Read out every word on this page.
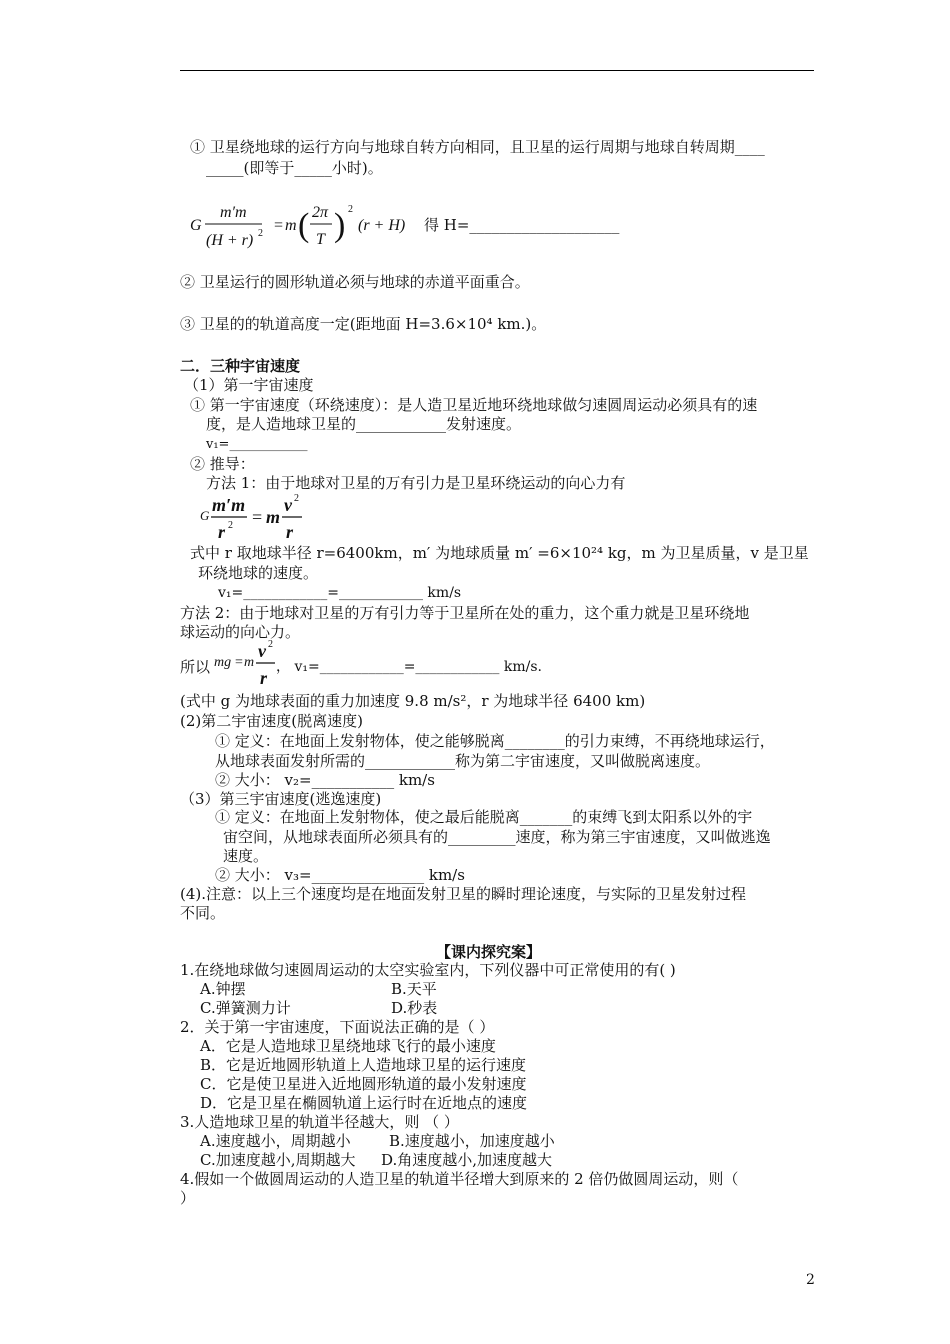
① 卫星绕地球的运行方向与地球自转方向相同，且卫星的运行周期与地球自转周期____
_____(即等于_____小时)。
G
m′m
(H + r) 2 = m ( 2π
T ) 2
(r + H) 得 H=____________________
② 卫星运行的圆形轨道必须与地球的赤道平面重合。
③ 卫星的的轨道高度一定(距地面 H=3.6×10⁴ km.)。
二．三种宇宙速度
（1）第一宇宙速度
① 第一宇宙速度（环绕速度）：是人造卫星近地环绕地球做匀速圆周运动必须具有的速
度，是人造地球卫星的____________发射速度。
v₁=____________
② 推导：
方法 1：由于地球对卫星的万有引力是卫星环绕运动的向心力有
G
m′m
r 2 = m
v 2
r
式中 r 取地球半径 r=6400km，m′ 为地球质量 m′ =6×10²⁴ kg，m 为卫星质量，v 是卫星
环绕地球的速度。
v₁=____________=____________ km/s
方法 2：由于地球对卫星的万有引力等于卫星所在处的重力，这个重力就是卫星环绕地
球运动的向心力。
所以 mg = m
v 2
r
， v₁=____________=____________ km/s.
(式中 g 为地球表面的重力加速度 9.8 m/s²，r 为地球半径 6400 km)
(2)第二宇宙速度(脱离速度)
① 定义：在地面上发射物体，使之能够脱离________的引力束缚，不再绕地球运行，
从地球表面发射所需的____________称为第二宇宙速度，又叫做脱离速度。
② 大小： v₂=___________ km/s
（3）第三宇宙速度(逃逸速度)
① 定义：在地面上发射物体，使之最后能脱离_______的束缚飞到太阳系以外的宇
宙空间，从地球表面所必须具有的_________速度，称为第三宇宙速度，又叫做逃逸
速度。
② 大小： v₃=_______________ km/s
(4).注意：以上三个速度均是在地面发射卫星的瞬时理论速度，与实际的卫星发射过程
不同。
【课内探究案】
1.在绕地球做匀速圆周运动的太空实验室内，下列仪器中可正常使用的有( )
A.钟摆	B.天平
C.弹簧测力计	D.秒表
2．关于第一宇宙速度，下面说法正确的是（ ）
A．它是人造地球卫星绕地球飞行的最小速度
B．它是近地圆形轨道上人造地球卫星的运行速度
C．它是使卫星进入近地圆形轨道的最小发射速度
D．它是卫星在椭圆轨道上运行时在近地点的速度
3.人造地球卫星的轨道半径越大，则 （ ）
A.速度越小，周期越小	B.速度越小，加速度越小
C.加速度越小,周期越大 D.角速度越小,加速度越大
4.假如一个做圆周运动的人造卫星的轨道半径增大到原来的 2 倍仍做圆周运动，则（
）
2
